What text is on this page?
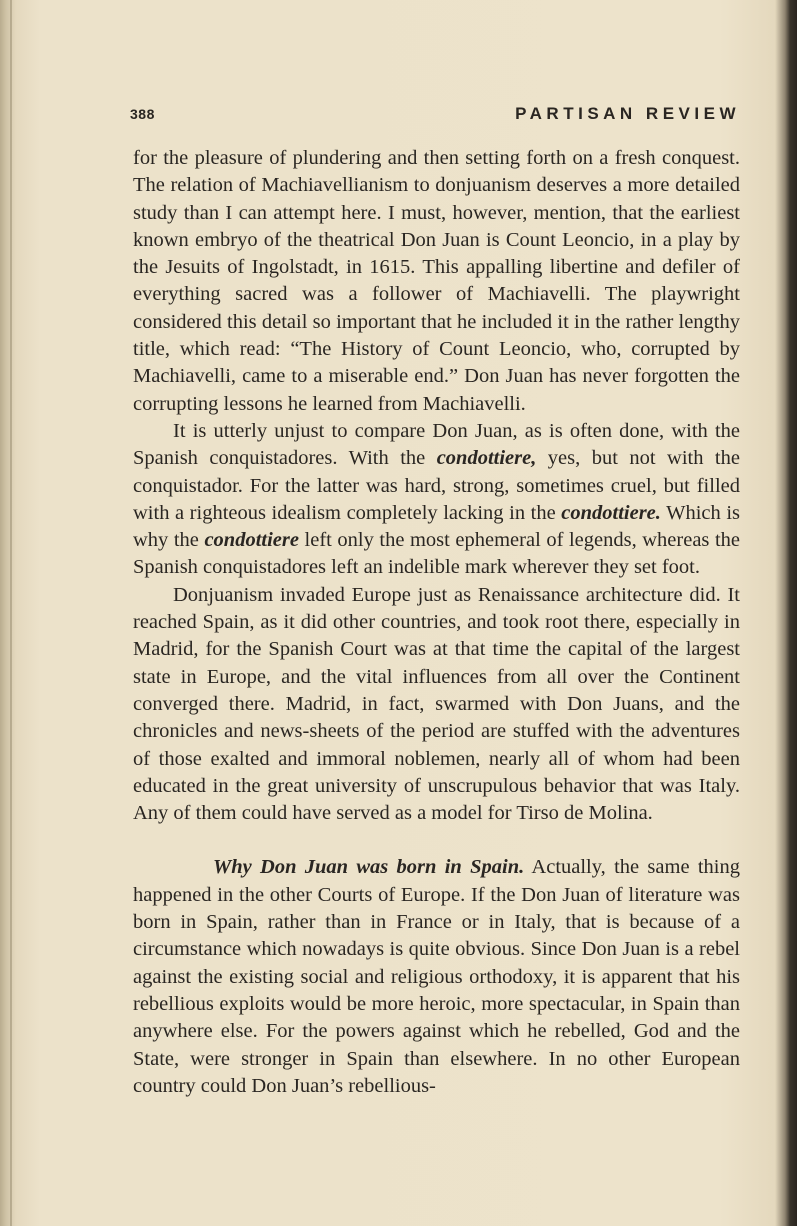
388	PARTISAN REVIEW

for the pleasure of plundering and then setting forth on a fresh conquest. The relation of Machiavellianism to donjuanism deserves a more detailed study than I can attempt here. I must, however, mention, that the earliest known embryo of the theatrical Don Juan is Count Leoncio, in a play by the Jesuits of Ingolstadt, in 1615. This appalling libertine and defiler of everything sacred was a follower of Machiavelli. The playwright considered this detail so important that he included it in the rather lengthy title, which read: “The History of Count Leoncio, who, corrupted by Machiavelli, came to a miserable end.” Don Juan has never forgotten the corrupting lessons he learned from Machiavelli.

It is utterly unjust to compare Don Juan, as is often done, with the Spanish conquistadores. With the condottiere, yes, but not with the conquistador. For the latter was hard, strong, sometimes cruel, but filled with a righteous idealism completely lacking in the condottiere. Which is why the condottiere left only the most ephemeral of legends, whereas the Spanish conquistadores left an indelible mark wherever they set foot.

Donjuanism invaded Europe just as Renaissance architecture did. It reached Spain, as it did other countries, and took root there, especially in Madrid, for the Spanish Court was at that time the capital of the largest state in Europe, and the vital influences from all over the Continent converged there. Madrid, in fact, swarmed with Don Juans, and the chronicles and news-sheets of the period are stuffed with the adventures of those exalted and immoral noblemen, nearly all of whom had been educated in the great university of unscrupulous behavior that was Italy. Any of them could have served as a model for Tirso de Molina.

Why Don Juan was born in Spain. Actually, the same thing happened in the other Courts of Europe. If the Don Juan of literature was born in Spain, rather than in France or in Italy, that is because of a circumstance which nowadays is quite obvious. Since Don Juan is a rebel against the existing social and religious orthodoxy, it is apparent that his rebellious exploits would be more heroic, more spectacular, in Spain than anywhere else. For the powers against which he rebelled, God and the State, were stronger in Spain than elsewhere. In no other European country could Don Juan’s rebellious-
